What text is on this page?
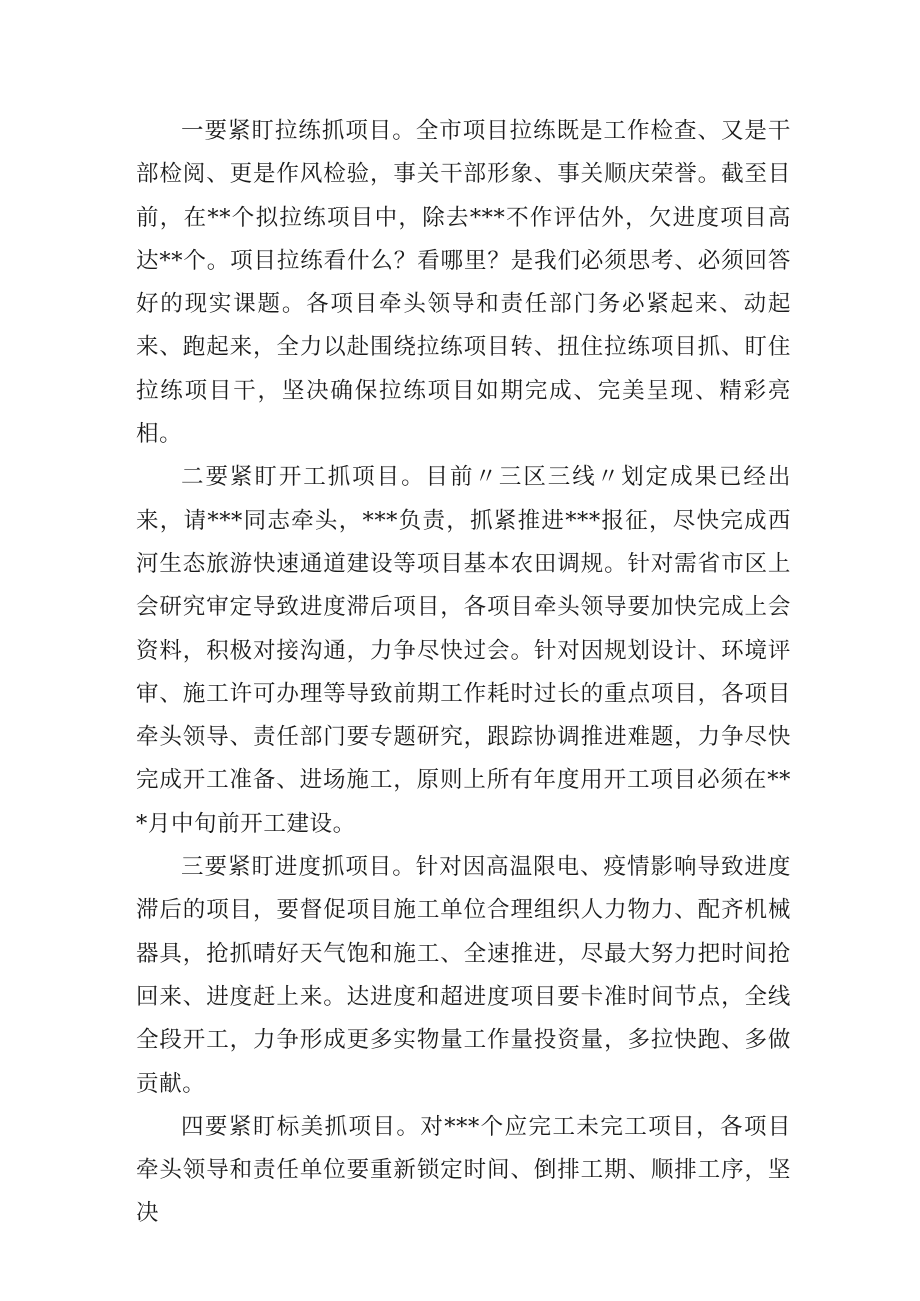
一要紧盯拉练抓项目。全市项目拉练既是工作检查、又是干部检阅、更是作风检验，事关干部形象、事关顺庆荣誉。截至目前，在**个拟拉练项目中，除去***不作评估外，欠进度项目高达**个。项目拉练看什么？看哪里？是我们必须思考、必须回答好的现实课题。各项目牵头领导和责任部门务必紧起来、动起来、跑起来，全力以赴围绕拉练项目转、扭住拉练项目抓、盯住拉练项目干，坚决确保拉练项目如期完成、完美呈现、精彩亮相。

二要紧盯开工抓项目。目前〃三区三线〃划定成果已经出来，请***同志牵头，***负责，抓紧推进***报征，尽快完成西河生态旅游快速通道建设等项目基本农田调规。针对需省市区上会研究审定导致进度滞后项目，各项目牵头领导要加快完成上会资料，积极对接沟通，力争尽快过会。针对因规划设计、环境评审、施工许可办理等导致前期工作耗时过长的重点项目，各项目牵头领导、责任部门要专题研究，跟踪协调推进难题，力争尽快完成开工准备、进场施工，原则上所有年度用开工项目必须在***月中旬前开工建设。

三要紧盯进度抓项目。针对因高温限电、疫情影响导致进度滞后的项目，要督促项目施工单位合理组织人力物力、配齐机械器具，抢抓晴好天气饱和施工、全速推进，尽最大努力把时间抢回来、进度赶上来。达进度和超进度项目要卡准时间节点，全线全段开工，力争形成更多实物量工作量投资量，多拉快跑、多做贡献。

四要紧盯标美抓项目。对***个应完工未完工项目，各项目牵头领导和责任单位要重新锁定时间、倒排工期、顺排工序，坚决
